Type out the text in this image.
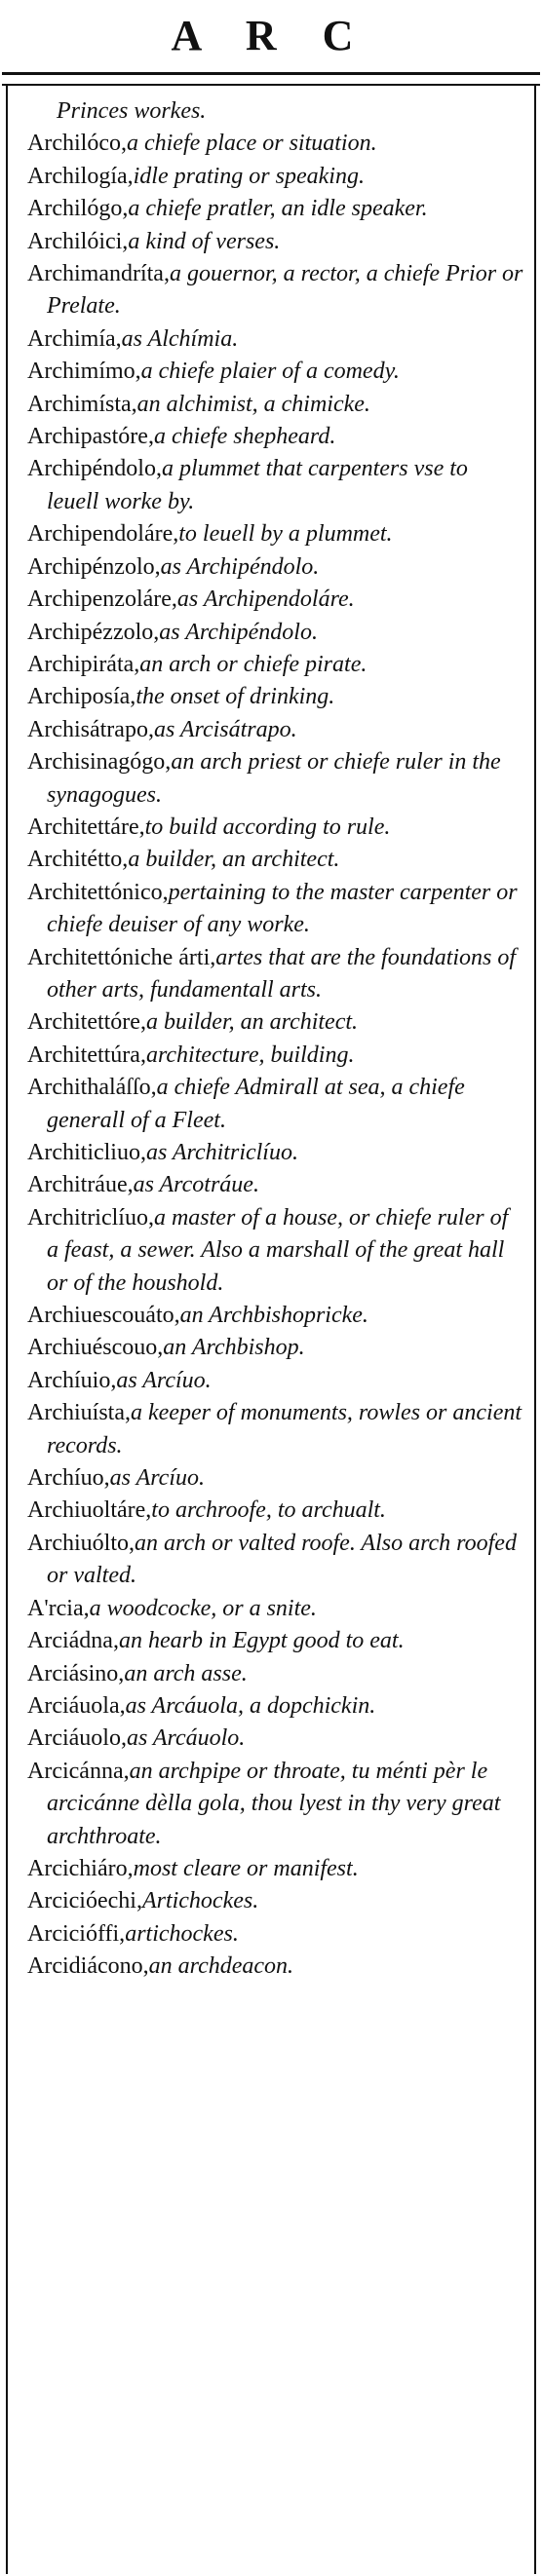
A R C

Princes workes.

Archilóco,a chiefe place or situation.

Archilogía,idle prating or speaking.

Archilógo,a chiefe pratler, an idle speaker.

Archilóici,a kind of verses.

Archimandríta,a gouernor, a rector, a chiefe Prior or Prelate.

Archimía,as Alchímia.

Archimímo,a chiefe plaier of a comedy.

Archimísta,an alchimist, a chimicke.

Archipastóre,a chiefe shepheard.

Archipéndolo,a plummet that carpenters vse to leuell worke by.

Archipendoláre,to leuell by a plummet.

Archipénzolo,as Archipéndolo.

Archipenzoláre,as Archipendoláre.

Archipézzolo,as Archipéndolo.

Archipiráta,an arch or chiefe pirate.

Archiposía,the onset of drinking.

Archisátrapo,as Arcisátrapo.

Archisinagógo,an arch priest or chiefe ruler in the synagogues.

Architettáre,to build according to rule.

Architétto,a builder, an architect.

Architettónico,pertaining to the master carpenter or chiefe deuiser of any worke.

Architettóniche árti,artes that are the foundations of other arts, fundamentall arts.

Architettóre,a builder, an architect.

Architettúra,architecture, building.

Archithaláſſo,a chiefe Admirall at sea, a chiefe generall of a Fleet.

Architicliuo,as Architriclíuo.

Architráue,as Arcotráue.

Architriclíuo,a master of a house, or chiefe ruler of a feast, a sewer. Also a marshall of the great hall or of the houshold.

Archiuescouáto,an Archbishopricke.

Archiuéscouo,an Archbishop.

Archíuio,as Arcíuo.

Archiuísta,a keeper of monuments, rowles or ancient records.

Archíuo,as Arcíuo.

Archiuoltáre,to archroofe, to archualt.

Archiuólto,an arch or valted roofe. Also arch roofed or valted.

A'rcia,a woodcocke, or a snite.

Arciádna,an hearb in Egypt good to eat.

Arciásino,an arch asse.

Arciáuola,as Arcáuola, a dopchickin.

Arciáuolo,as Arcáuolo.

Arcicánna,an archpipe or throate, tu ménti pèr le arcicánne dèlla gola, thou lyest in thy very great archthroate.

Arcichiáro,most cleare or manifest.

Arcicióechi,Artichockes.

Arcicióffi,artichockes.

Arcidiácono,an archdeacon.
